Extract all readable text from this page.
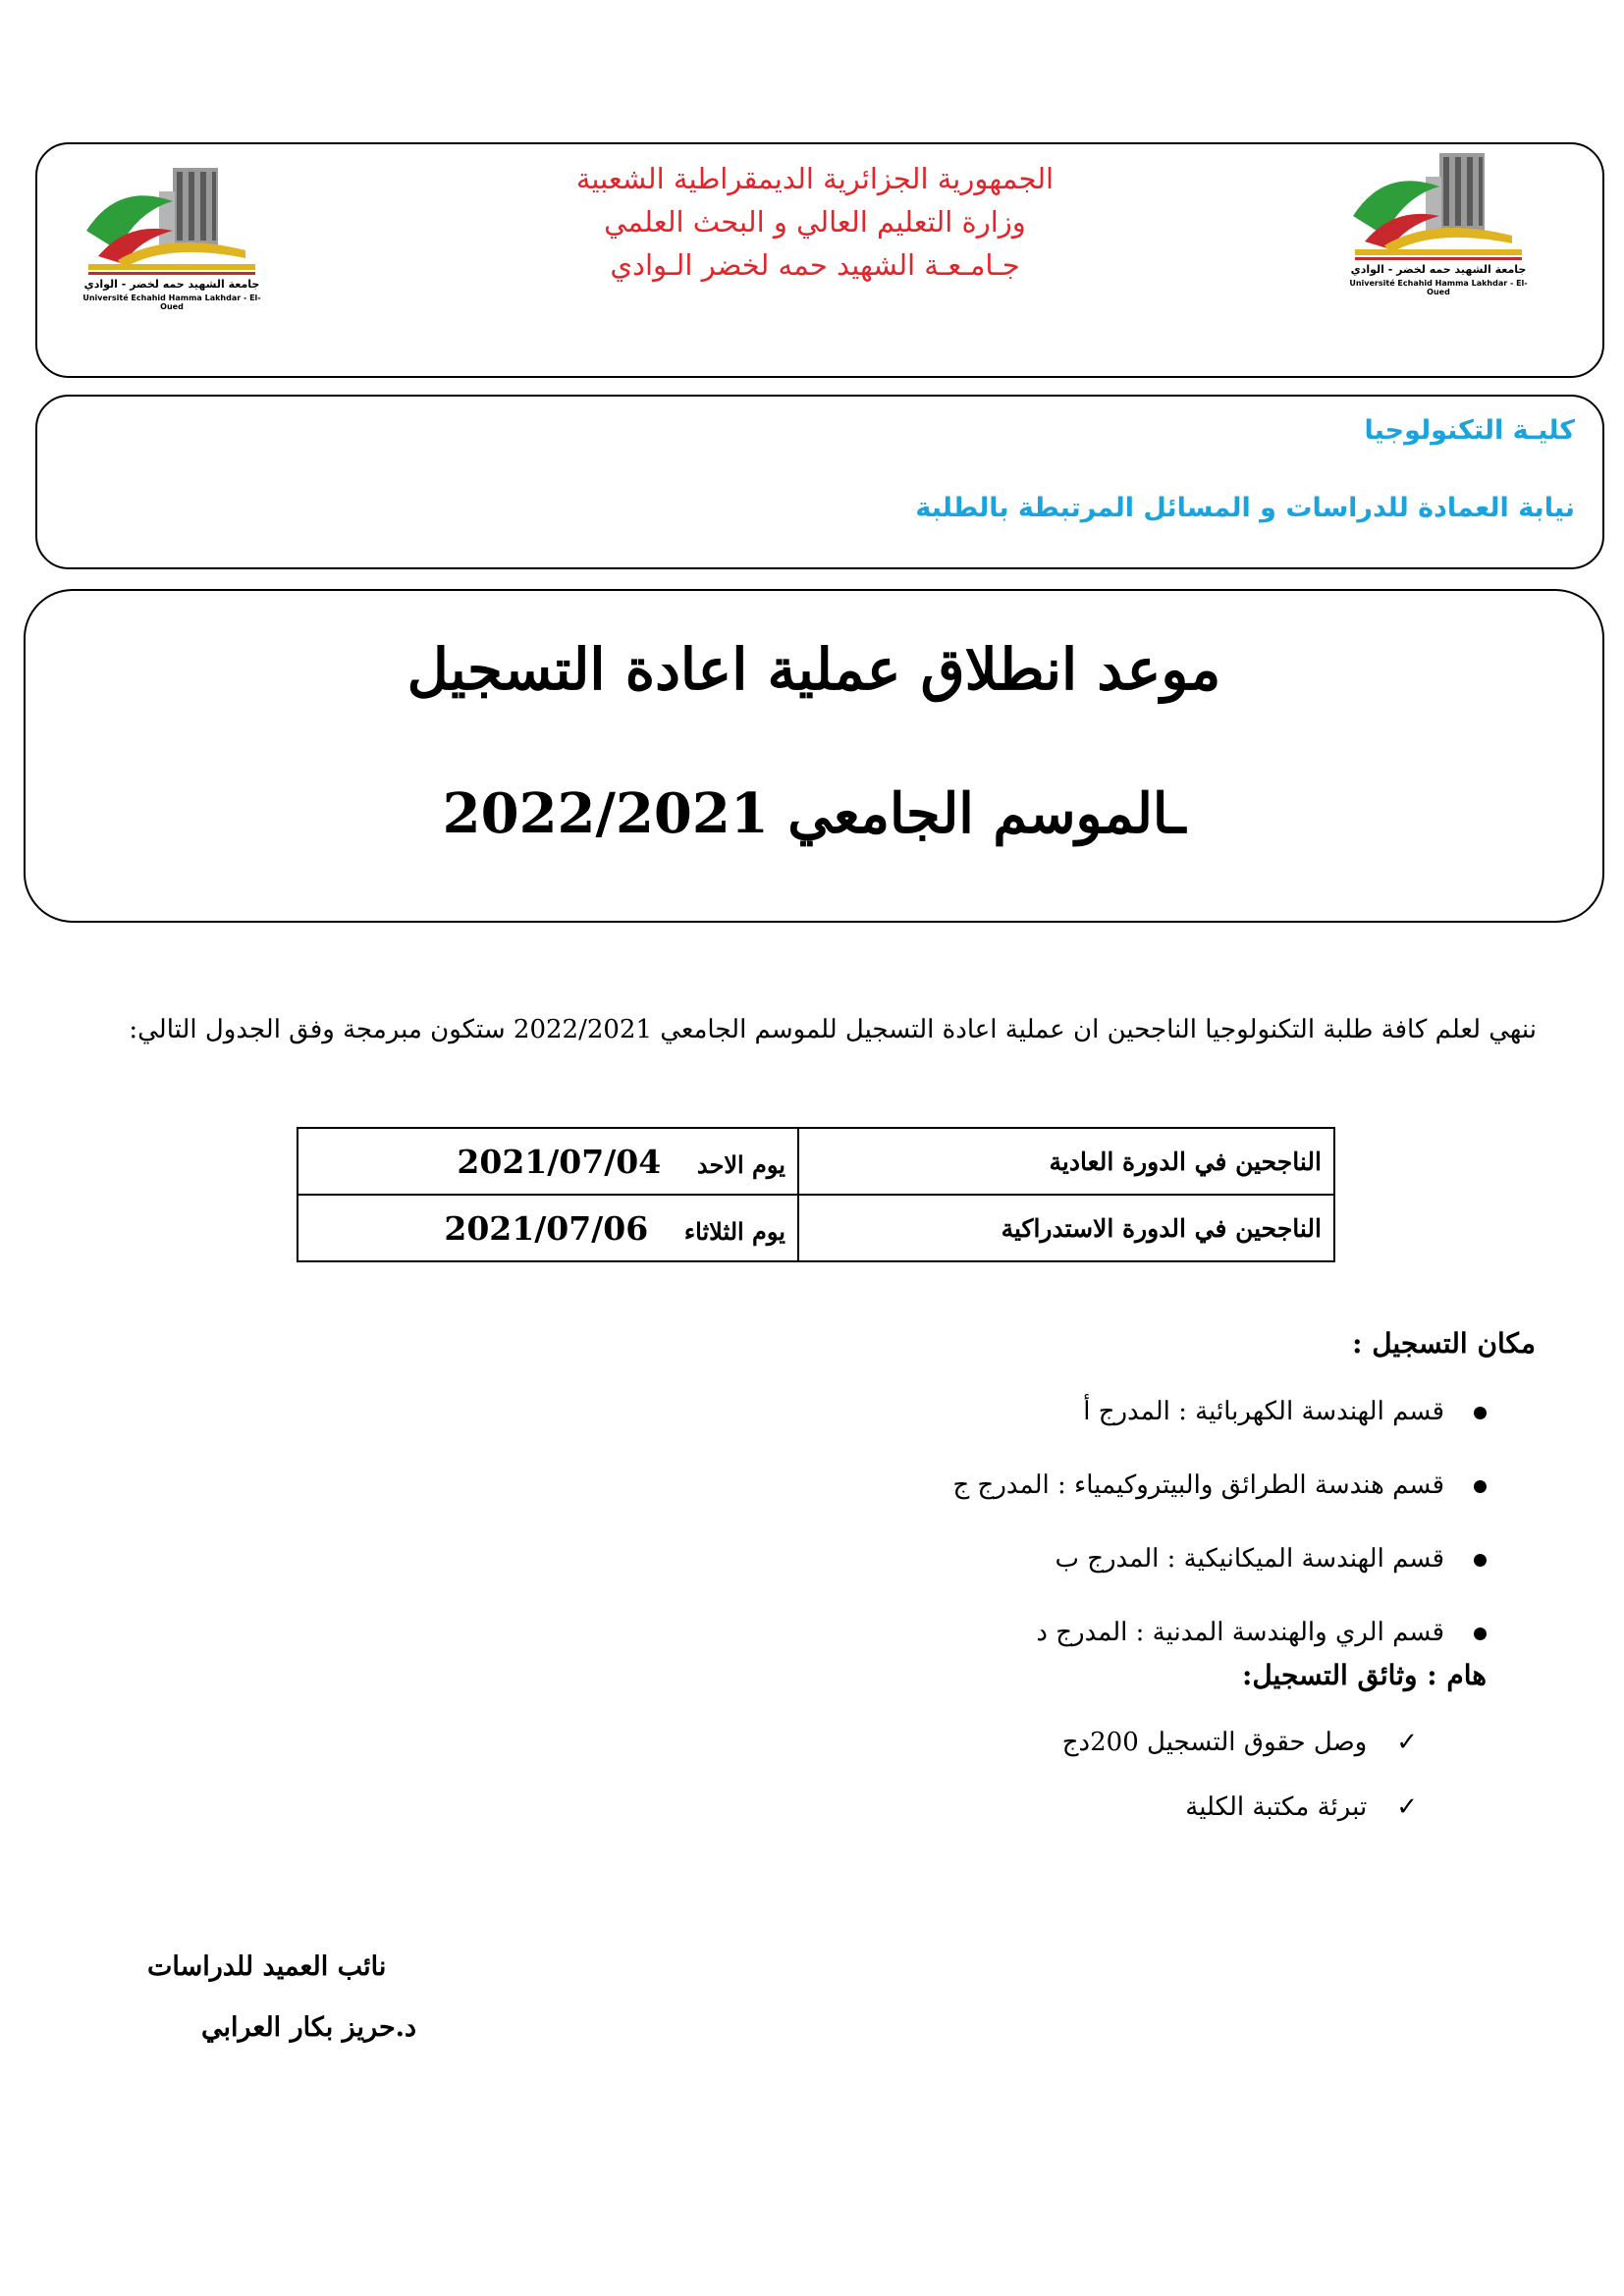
جامعة الشهيد حمه لخضر - الوادي
Université Echahid Hamma Lakhdar - El-Oued
جامعة الشهيد حمه لخضر - الوادي
Université Echahid Hamma Lakhdar - El-Oued
الجمهورية الجزائرية الديمقراطية الشعبية
وزارة التعليم العالي و البحث العلمي
جـامـعـة الشهيد حمه لخضر الـوادي
كليـة التكنولوجيا
نيابة العمادة للدراسات و المسائل المرتبطة بالطلبة
موعد انطلاق عملية اعادة التسجيل
ـالموسم الجامعي 2022/2021
ننهي لعلم كافة طلبة التكنولوجيا الناجحين ان عملية اعادة التسجيل للموسم الجامعي 2022/2021 ستكون مبرمجة وفق الجدول التالي:
الناجحين في الدورة العادية	يوم الاحد 2021/07/04
الناجحين في الدورة الاستدراكية	يوم الثلاثاء 2021/07/06
مكان التسجيل :
قسم الهندسة الكهربائية : المدرج أ
قسم هندسة الطرائق والبيتروكيمياء : المدرج ج
قسم الهندسة الميكانيكية : المدرج ب
قسم الري والهندسة المدنية : المدرج د
هام : وثائق التسجيل:
✓وصل حقوق التسجيل 200دج
✓تبرئة مكتبة الكلية
نائب العميد للدراسات
د.حريز بكار العرابي
